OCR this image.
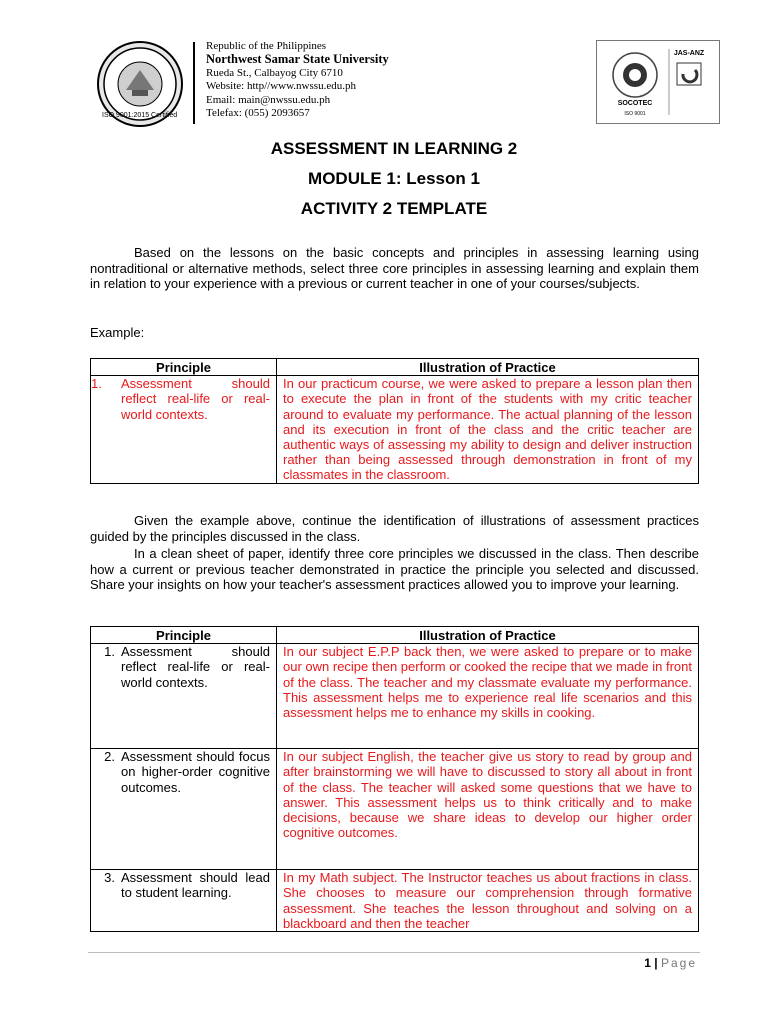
ISO 9001:2015 Certified
Republic of the Philippines
Northwest Samar State University
Rueda St., Calbayog City 6710
Website: http//www.nwssu.edu.ph
Email: main@nwssu.edu.ph
Telefax: (055) 2093657
SOCOTEC
ISO 9001
JAS-ANZ
ASSESSMENT IN LEARNING 2
MODULE 1: Lesson 1
ACTIVITY 2 TEMPLATE
Based on the lessons on the basic concepts and principles in assessing learning using nontraditional or alternative methods, select three core principles in assessing learning and explain them in relation to your experience with a previous or current teacher in one of your courses/subjects.
Example:
Principle	Illustration of Practice

1. Assessment should reflect real-life or real-world contexts.	In our practicum course, we were asked to prepare a lesson plan then to execute the plan in front of the students with my critic teacher around to evaluate my performance. The actual planning of the lesson and its execution in front of the class and the critic teacher are authentic ways of assessing my ability to design and deliver instruction rather than being assessed through demonstration in front of my classmates in the classroom.
Given the example above, continue the identification of illustrations of assessment practices guided by the principles discussed in the class.
In a clean sheet of paper, identify three core principles we discussed in the class. Then describe how a current or previous teacher demonstrated in practice the principle you selected and discussed. Share your insights on how your teacher's assessment practices allowed you to improve your learning.
Principle	Illustration of Practice

1. Assessment should reflect real-life or real-world contexts.	In our subject E.P.P back then, we were asked to prepare or to make our own recipe then perform or cooked the recipe that we made in front of the class. The teacher and my classmate evaluate my performance. This assessment helps me to experience real life scenarios and this assessment helps me to enhance my skills in cooking.

2. Assessment should focus on higher-order cognitive outcomes.	In our subject English, the teacher give us story to read by group and after brainstorming we will have to discussed to story all about in front of the class. The teacher will asked some questions that we have to answer. This assessment helps us to think critically and to make decisions, because we share ideas to develop our higher order cognitive outcomes.

3. Assessment should lead to student learning.	In my Math subject. The Instructor teaches us about fractions in class. She chooses to measure our comprehension through formative assessment. She teaches the lesson throughout and solving on a blackboard and then the teacher
1 | Page
